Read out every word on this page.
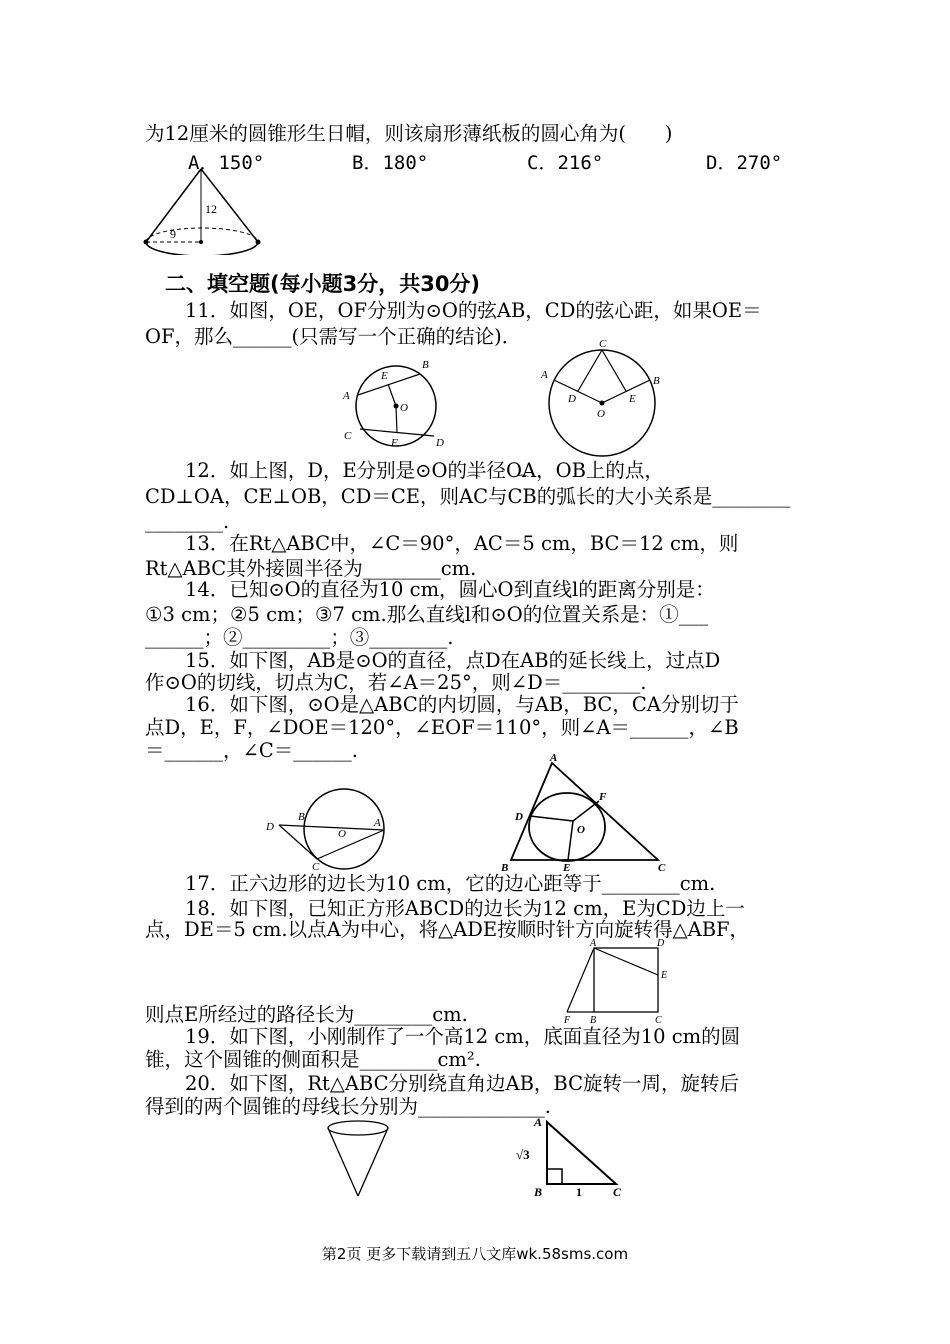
为12厘米的圆锥形生日帽，则该扇形薄纸板的圆心角为(　　)
A．150°	B．180°	C．216°	D．270°
12
9
二、填空题(每小题3分，共30分)
11．如图，OE，OF分别为⊙O的弦AB，CD的弦心距，如果OE＝
OF，那么______(只需写一个正确的结论)．
A
B
E
O
C
F	D
C
A	B
D
O
E
12．如上图，D，E分别是⊙O的半径OA，OB上的点，
CD⊥OA，CE⊥OB，CD＝CE，则⌒ AC与⌒ CB的弧长的大小关系是________
________.
13．在Rt△ABC中，∠C＝90°，AC＝5 cm，BC＝12 cm，则
Rt△ABC其外接圆半径为________cm.
14．已知⊙O的直径为10 cm，圆心O到直线l的距离分别是：
①3 cm；②5 cm；③7 cm.那么直线l和⊙O的位置关系是：①___
______；②_________；③________.
15．如下图，AB是⊙O的直径，点D在AB的延长线上，过点D
作⊙O的切线，切点为C，若∠A＝25°，则∠D＝________.
16．如下图，⊙O是△ABC的内切圆，与AB，BC，CA分别切于
点D，E，F，∠DOE＝120°，∠EOF＝110°，则∠A＝______，∠B
＝______，∠C＝______.
D
B
O
A
C
A
F
D
O
B	E	C
17．正六边形的边长为10 cm，它的边心距等于________cm.
18．如下图，已知正方形ABCD的边长为12 cm，E为CD边上一
点，DE＝5 cm.以点A为中心，将△ADE按顺时针方向旋转得△ABF，
A	D
E
F B	C
则点E所经过的路径长为________cm.
19．如下图，小刚制作了一个高12 cm，底面直径为10 cm的圆
锥，这个圆锥的侧面积是________cm².
20．如下图，Rt△ABC分别绕直角边AB，BC旋转一周，旋转后
得到的两个圆锥的母线长分别为_____________.
A
√3
B	1	C
第2页 更多下载请到五八文库wk.58sms.com
